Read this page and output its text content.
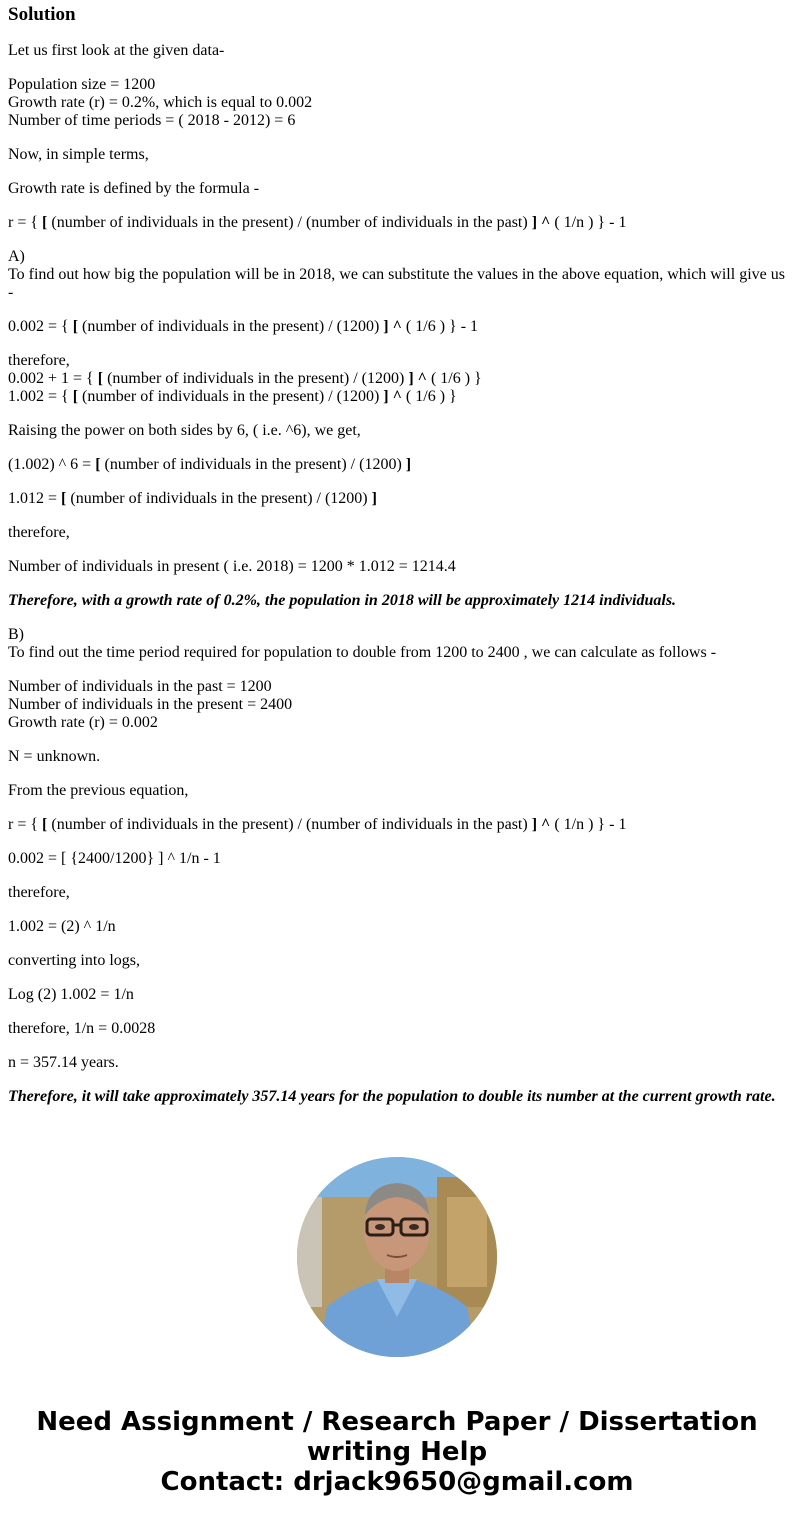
Solution

Let us first look at the given data-

Population size = 1200
Growth rate (r) = 0.2%, which is equal to 0.002
Number of time periods = ( 2018 - 2012) = 6

Now, in simple terms,

Growth rate is defined by the formula -

r = { [ (number of individuals in the present) / (number of individuals in the past) ] ^ ( 1/n ) } - 1

A)
To find out how big the population will be in 2018, we can substitute the values in the above equation, which will give us -

0.002 = { [ (number of individuals in the present) / (1200) ] ^ ( 1/6 ) } - 1

therefore,
0.002 + 1 = { [ (number of individuals in the present) / (1200) ] ^ ( 1/6 ) }
1.002 = { [ (number of individuals in the present) / (1200) ] ^ ( 1/6 ) }

Raising the power on both sides by 6, ( i.e. ^6), we get,

(1.002) ^ 6 = [ (number of individuals in the present) / (1200) ]

1.012 = [ (number of individuals in the present) / (1200) ]

therefore,

Number of individuals in present ( i.e. 2018) = 1200 * 1.012 = 1214.4

Therefore, with a growth rate of 0.2%, the population in 2018 will be approximately 1214 individuals.

B)
To find out the time period required for population to double from 1200 to 2400 , we can calculate as follows -

Number of individuals in the past = 1200
Number of individuals in the present = 2400
Growth rate (r) = 0.002

N = unknown.

From the previous equation,

r = { [ (number of individuals in the present) / (number of individuals in the past) ] ^ ( 1/n ) } - 1

0.002 = [ {2400/1200} ] ^ 1/n - 1

therefore,

1.002 = (2) ^ 1/n

converting into logs,

Log (2) 1.002 = 1/n

therefore, 1/n = 0.0028

n = 357.14 years.

Therefore, it will take approximately 357.14 years for the population to double its number at the current growth rate.

Need Assignment / Research Paper / Dissertation
writing Help
Contact: drjack9650@gmail.com
